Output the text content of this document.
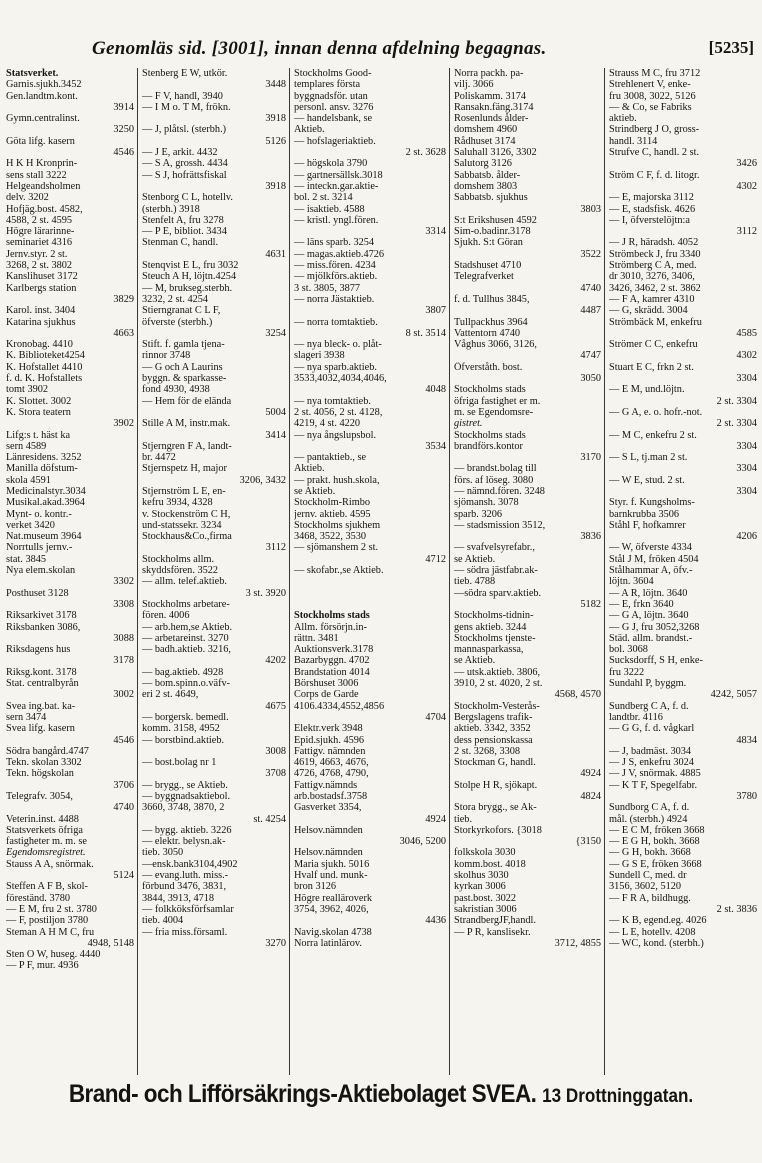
Genomläs sid. [3001], innan denna afdelning begagnas.	[5235]
Statsverket.
Garnis.sjukh.3452
Gen.landtm.kont.
3914
Gymn.centralinst.
3250
Göta lifg. kasern
4546
H K H Kronprin-
sens stall 3222
Helgeandsholmen
delv. 3202
Hofjäg.bost. 4582,
4588, 2 st. 4595
Högre lärarinne-
seminariet 4316
Jernv.styr. 2 st.
3268, 2 st. 3802
Kanslihuset 3172
Karlbergs station
3829
Karol. inst. 3404
Katarina sjukhus
4663
Kronobag. 4410
K. Biblioteket4254
K. Hofstallet 4410
f. d. K. Hofstallets
tomt 3902
K. Slottet. 3002
K. Stora teatern
3902
Lifg:s t. häst ka
sern 4589
Länresidens. 3252
Manilla döfstum-
skola 4591
Medicinalstyr.3034
Musikal.akad.3964
Mynt- o. kontr.-
verket 3420
Nat.museum 3964
Norrtulls jernv.-
stat. 3845
Nya elem.skolan
3302
Posthuset 3128
3308
Riksarkivet 3178
Riksbanken 3086,
3088
Riksdagens hus
3178
Riksg.kont. 3178
Stat. centralbyrån
3002
Svea ing.bat. ka-
sern 3474
Svea lifg. kasern
4546
Södra bangård.4747
Tekn. skolan 3302
Tekn. högskolan
3706
Telegrafv. 3054,
4740
Veterin.inst. 4488
Statsverkets öfriga
fastigheter m. m. se
Egendomsregistret.
Stauss A A, snörmak.
5124
Steffen A F B, skol-
föreständ. 3780
— E M, fru 2 st. 3780
— F, postiljon 3780
Steman A H M C, fru
4948, 5148
Sten O W, huseg. 4440
— P F, mur. 4936
Stenberg E W, utkör.
3448
— F V, handl, 3940
— I M o. T M, frökn.
3918
— J, plåtsl. (sterbh.)
5126
— J E, arkit. 4432
— S A, grossh. 4434
— S J, hofrättsfiskal
3918
Stenborg C L, hotellv.
(sterbh.) 3918
Stenfelt A, fru 3278
— P E, bibliot. 3434
Stenman C, handl.
4631
Stenqvist E L, fru 3032
Steuch A H, löjtn.4254
— M, brukseg.sterbh.
3232, 2 st. 4254
Stierngranat C L F,
öfverste (sterbh.)
3254
Stift. f. gamla tjena-
rinnor 3748
— G och A Laurins
byggn. & sparkasse-
fond 4930, 4938
— Hem för de elända
5004
Stille A M, instr.mak.
3414
Stjerngren F A, landt-
br. 4472
Stjernspetz H, major
3206, 3432
Stjernström L E, en-
kefru 3934, 4328
v. Stockenström C H,
und-statssekr. 3234
Stockhaus&Co.,firma
3112
Stockholms allm.
skyddsfören. 3522
— allm. telef.aktieb.
3 st. 3920
Stockholms arbetare-
fören. 4006
— arb.hem,se Aktieb.
— arbetareinst. 3270
— badh.aktieb. 3216,
4202
— bag.aktieb. 4928
— bom.spinn.o.väfv-
eri 2 st. 4649,
4675
— borgersk. bemedl.
komm. 3158, 4952
— borstbind.aktieb.
3008
— bost.bolag nr 1
3708
— brygg., se Aktieb.
— byggnadsaktiebol.
3660, 3748, 3870, 2
st. 4254
— bygg. aktieb. 3226
— elektr. belysn.ak-
tieb. 3050
—ensk.bank3104,4902
— evang.luth. miss.-
förbund 3476, 3831,
3844, 3913, 4718
— folkköksförfsamlar
tieb. 4004
— fria miss.församl.
3270
Stockholms Good-
templares första
byggnadsför. utan
personl. ansv. 3276
— handelsbank, se
Aktieb.
— hofslageriaktieb.
2 st. 3628
— högskola 3790
— gartnersällsk.3018
— inteckn.gar.aktie-
bol. 2 st. 3214
— isaktieb. 4588
— kristl. yngl.fören.
3314
— läns sparb. 3254
— magas.aktieb.4726
— miss.fören. 4234
— mjölkförs.aktieb.
3 st. 3805, 3877
— norra Jästaktieb.
3807
— norra tomtaktieb.
8 st. 3514
— nya bleck- o. plåt-
slageri 3938
— nya sparb.aktieb.
3533,4032,4034,4046,
4048
— nya tomtaktieb.
2 st. 4056, 2 st. 4128,
4219, 4 st. 4220
— nya ångslupsbol.
3534
— pantaktieb., se
Aktieb.
— prakt. hush.skola,
se Aktieb.
Stockholm-Rimbo
jernv. aktieb. 4595
Stockholms sjukhem
3468, 3522, 3530
— sjömanshem 2 st.
4712
— skofabr.,se Aktieb.

Stockholms stads
Allm. försörjn.in-
rättn. 3481
Auktionsverk.3178
Bazarbyggn. 4702
Brandstation 4014
Börshuset 3006
Corps de Garde
4106.4334,4552,4856
4704
Elektr.verk 3948
Epid.sjukh. 4596
Fattigv. nämnden
4619, 4663, 4676,
4726, 4768, 4790,
Fattigv.nämnds
arb.bostadsf.3758
Gasverket 3354,
4924
Helsov.nämnden
3046, 5200
Helsov.nämnden
Maria sjukh. 5016
Hvalf und. munk-
bron 3126
Högre realläroverk
3754, 3962, 4026,
4436
Navig.skolan 4738
Norra latinlärov.
Norra packh. pa-
vilj. 3066
Poliskamm. 3174
Ransakn.fäng.3174
Rosenlunds ålder-
domshem 4960
Rådhuset 3174
Saluhall 3126, 3302
Salutorg 3126
Sabbatsb. ålder-
domshem 3803
Sabbatsb. sjukhus
3803
S:t Erikshusen 4592
Sim-o.badinr.3178
Sjukh. S:t Göran
3522
Stadshuset 4710
Telegrafverket
4740
f. d. Tullhus 3845,
4487
Tullpackhus 3964
Vattentorn 4740
Våghus 3066, 3126,
4747
Öfverståth. bost.
3050
Stockholms stads
öfriga fastighet er m.
m. se Egendomsre-
gistret.
Stockholms stads
brandförs.kontor
3170
— brandst.bolag till
förs. af löseg. 3080
— nämnd.fören. 3248
sjömansh. 3078
sparb. 3206
— stadsmission 3512,
3836
— svafvelsyrefabr.,
se Aktieb.
— södra jästfabr.ak-
tieb. 4788
—södra sparv.aktieb.
5182
Stockholms-tidnin-
gens aktieb. 3244
Stockholms tjenste-
mannasparkassa,
se Aktieb.
— utsk.aktieb. 3806,
3910, 2 st. 4020, 2 st.
4568, 4570
Stockholm-Vesterås-
Bergslagens trafik-
aktieb. 3342, 3352
dess pensionskassa
2 st. 3268, 3308
Stockman G, handl.
4924
Stolpe H R, sjökapt.
4824
Stora brygg., se Ak-
tieb.
Storkyrkofors. {3018
{3150
folkskola 3030
komm.bost. 4018
skolhus 3030
kyrkan 3006
past.bost. 3022
sakristian 3006
StrandbergJF,handl.
— P R, kanslisekr.
3712, 4855
Strauss M C, fru 3712
Strehlenert V, enke-
fru 3008, 3022, 5126
— & Co, se Fabriks
aktieb.
Strindberg J O, gross-
handl. 3114
Strufve C, handl. 2 st.
3426
Ström C F, f. d. litogr.
4302
— E, majorska 3112
— E, stadsfisk. 4626
— I, öfverstelöjtn:a
3112
— J R, häradsh. 4052
Strömbeck J, fru 3340
Strömberg C A, med.
dr 3010, 3276, 3406,
3426, 3462, 2 st. 3862
— F A, kamrer 4310
— G, skrädd. 3004
Strömbäck M, enkefru
4585
Strömer C C, enkefru
4302
Stuart E C, frkn 2 st.
3304
— E M, und.löjtn.
2 st. 3304
— G A, e. o. hofr.-not.
2 st. 3304
— M C, enkefru 2 st.
3304
— S L, tj.man 2 st.
3304
— W E, stud. 2 st.
3304
Styr. f. Kungsholms-
barnkrubba 3506
Ståhl F, hofkamrer
4206
— W, öfverste 4334
Stål J M, fröken 4504
Stålhammar A, öfv.-
löjtn. 3604
— A R, löjtn. 3640
— E, frkn 3640
— G A, löjtn. 3640
— G J, fru 3052,3268
Städ. allm. brandst.-
bol. 3068
Sucksdorff, S H, enke-
fru 3222
Sundahl P, byggm.
4242, 5057
Sundberg C A, f. d.
landtbr. 4116
— G G, f. d. vågkarl
4834
— J, badmäst. 3034
— J S, enkefru 3024
— J V, snörmak. 4885
— K T F, Spegelfabr.
3780
Sundborg C A, f. d.
mål. (sterbh.) 4924
— E C M, fröken 3668
— E G H, bokh. 3668
— G H, bokh. 3668
— G S E, fröken 3668
Sundell C, med. dr
3156, 3602, 5120
— F R A, bildhugg.
2 st. 3836
— K B, egend.eg. 4026
— L E, hotellv. 4208
— WC, kond. (sterbh.)
Brand- och Lifförsäkrings-Aktiebolaget SVEA. 13 Drottninggatan.
